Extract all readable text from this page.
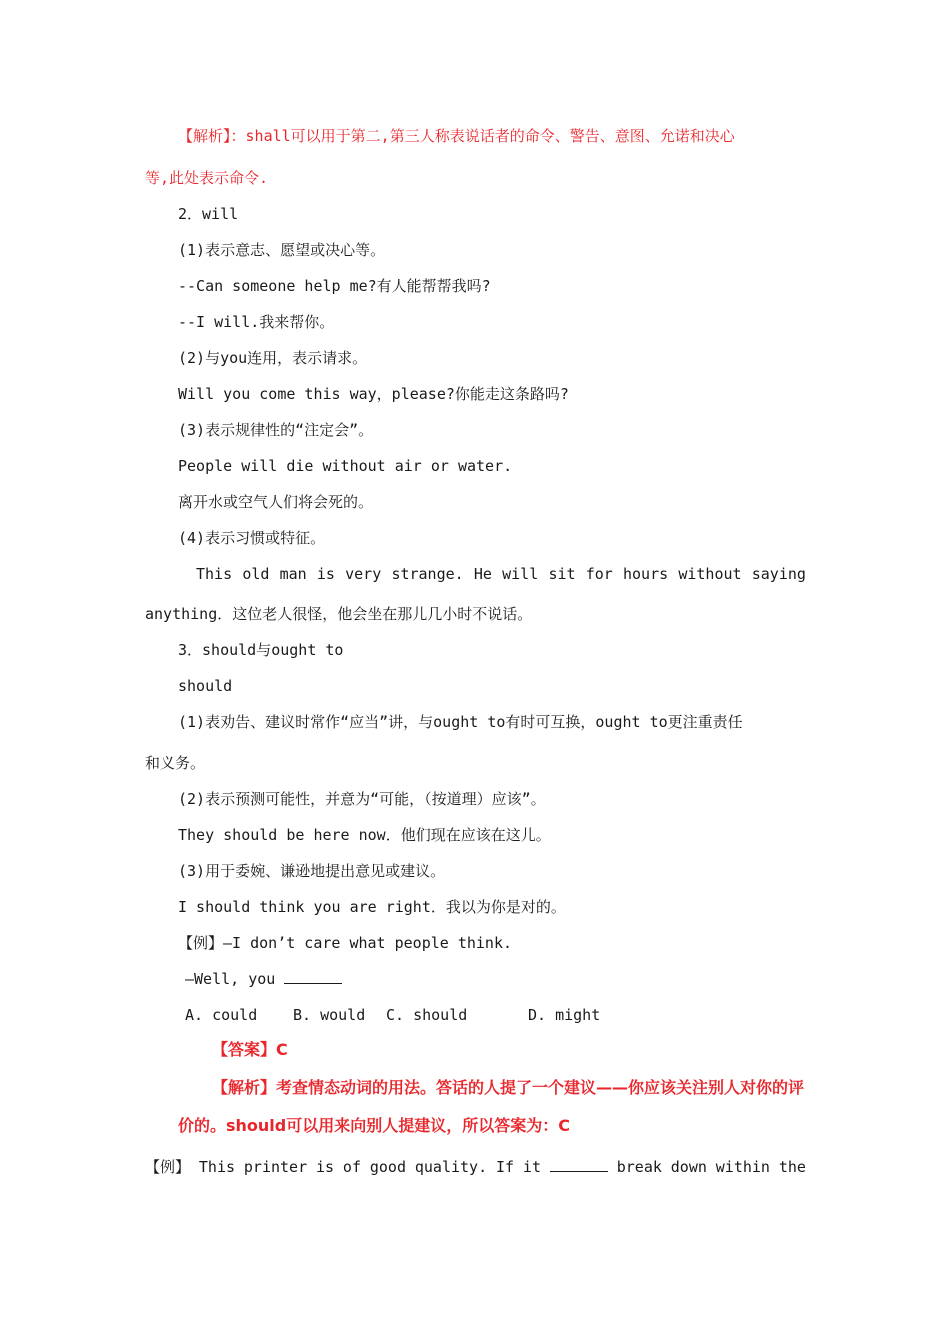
【解析】：shall可以用于第二,第三人称表说话者的命令、警告、意图、允诺和决心
等,此处表示命令.
2．will
(1)表示意志、愿望或决心等。
--Can someone help me?有人能帮帮我吗?
--I will.我来帮你。
(2)与you连用，表示请求。
Will you come this way，please?你能走这条路吗?
(3)表示规律性的“注定会”。
People will die without air or water.
离开水或空气人们将会死的。
(4)表示习惯或特征。
This old man is very strange. He will sit for hours without saying
anything．这位老人很怪，他会坐在那儿几小时不说话。
3．should与ought to
should
(1)表劝告、建议时常作“应当”讲，与ought to有时可互换，ought to更注重责任
和义务。
(2)表示预测可能性，并意为“可能，（按道理）应该”。
They should be here now．他们现在应该在这儿。
(3)用于委婉、谦逊地提出意见或建议。
I should think you are right．我以为你是对的。
【例】—I don’t care what people think.
—Well, you
A. could B. would C. should	D. might
【答案】C
【解析】考查情态动词的用法。答话的人提了一个建议——你应该关注别人对你的评
价的。should可以用来向别人提建议，所以答案为：C
【例】 This printer is of good quality. If it	break down within the
